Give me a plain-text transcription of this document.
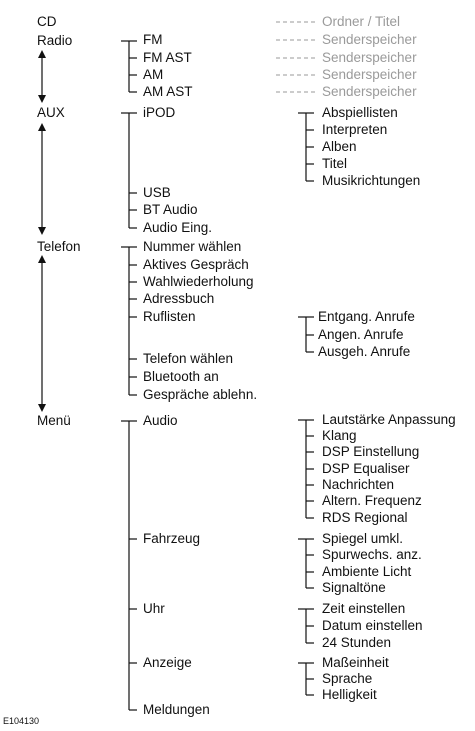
CD
Radio
AUX
Telefon
Menü
Ordner / Titel
Senderspeicher
Senderspeicher
Senderspeicher
Senderspeicher
FM
FM AST
AM
AM AST
iPOD
USB
BT Audio
Audio Eing.
Abspiellisten
Interpreten
Alben
Titel
Musikrichtungen
Nummer wählen
Aktives Gespräch
Wahlwiederholung
Adressbuch
Ruflisten
Telefon wählen
Bluetooth an
Gespräche ablehn.
Entgang. Anrufe
Angen. Anrufe
Ausgeh. Anrufe
Audio
Fahrzeug
Uhr
Anzeige
Meldungen
Lautstärke Anpassung
Klang
DSP Einstellung
DSP Equaliser
Nachrichten
Altern. Frequenz
RDS Regional
Spiegel umkl.
Spurwechs. anz.
Ambiente Licht
Signaltöne
Zeit einstellen
Datum einstellen
24 Stunden
Maßeinheit
Sprache
Helligkeit
E104130
